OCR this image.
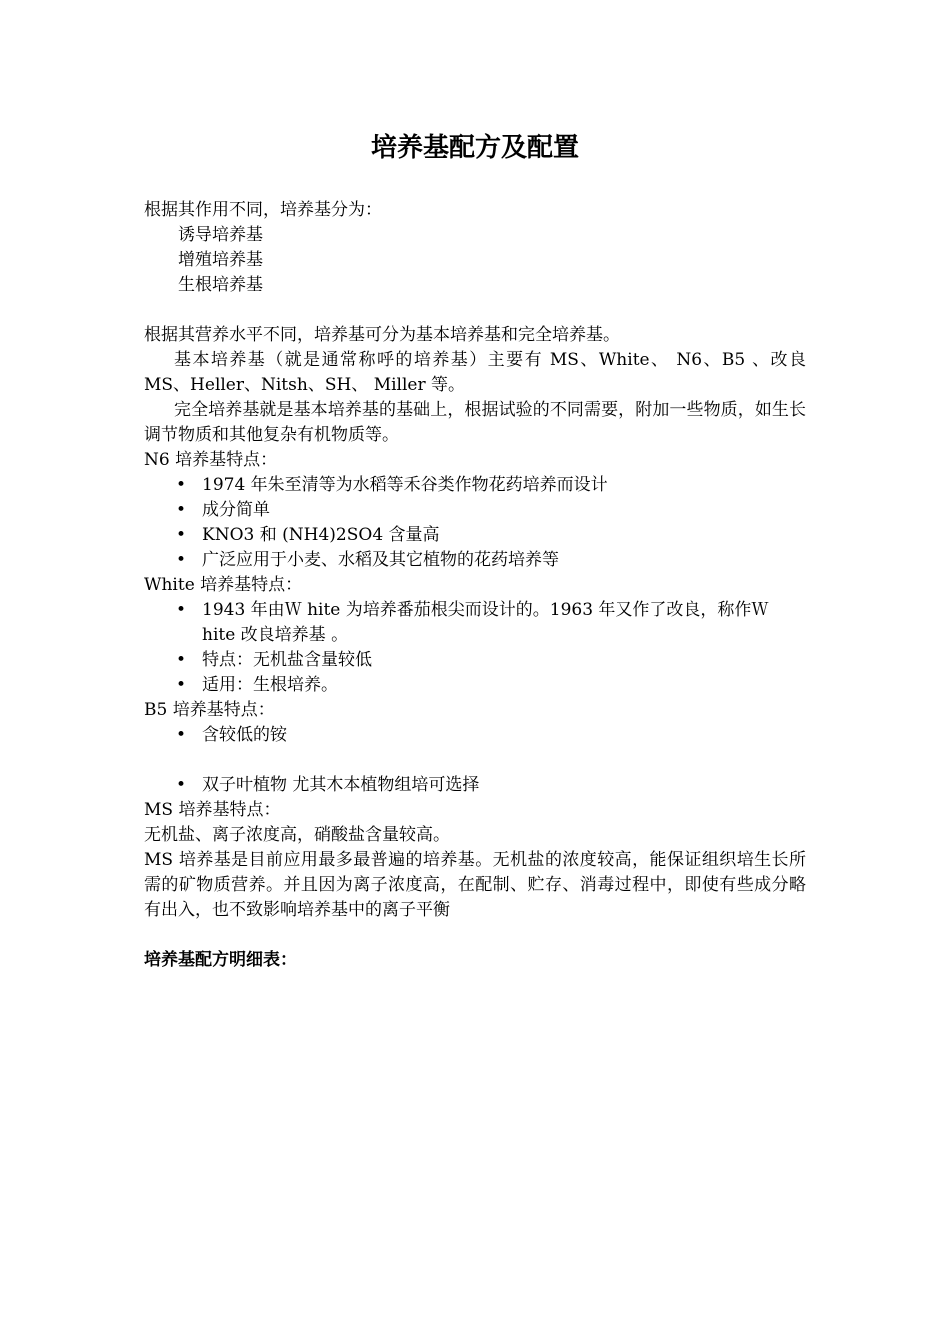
培养基配方及配置

根据其作用不同，培养基分为：

诱导培养基

增殖培养基

生根培养基

根据其营养水平不同，培养基可分为基本培养基和完全培养基。

基本培养基（就是通常称呼的培养基）主要有 MS、White、 N6、B5 、改良 MS、Heller、Nitsh、SH、 Miller 等。

完全培养基就是基本培养基的基础上，根据试验的不同需要，附加一些物质，如生长调节物质和其他复杂有机物质等。

N6 培养基特点：

• 1974 年朱至清等为水稻等禾谷类作物花药培养而设计
• 成分简单
• KNO3 和 (NH4)2SO4 含量高
• 广泛应用于小麦、水稻及其它植物的花药培养等

White 培养基特点：

• 1943 年由Ｗ hite 为培养番茄根尖而设计的。1963 年又作了改良，称作Ｗ hite 改良培养基 。
• 特点：无机盐含量较低
• 适用：生根培养。

B5 培养基特点：

• 含较低的铵
• 双子叶植物 尤其木本植物组培可选择

MS 培养基特点：

无机盐、离子浓度高，硝酸盐含量较高。

MS 培养基是目前应用最多最普遍的培养基。无机盐的浓度较高，能保证组织培生长所需的矿物质营养。并且因为离子浓度高，在配制、贮存、消毒过程中，即使有些成分略有出入，也不致影响培养基中的离子平衡

培养基配方明细表：
